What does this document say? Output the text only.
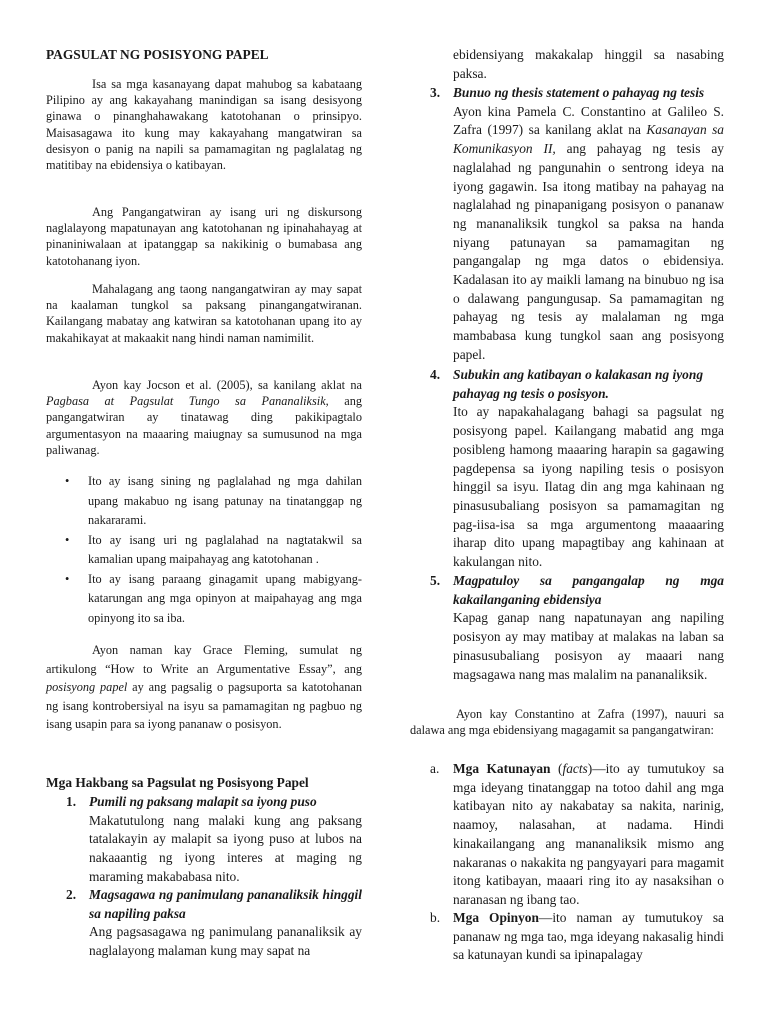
PAGSULAT NG POSISYONG PAPEL

Isa sa mga kasanayang dapat mahubog sa kabataang Pilipino ay ang kakayahang manindigan sa isang desisyong ginawa o pinanghahawakang katotohanan o prinsipyo. Maisasagawa ito kung may kakayahang mangatwiran sa desisyon o panig na napili sa pamamagitan ng paglalatag ng matitibay na ebidensiya o katibayan.

Ang Pangangatwiran ay isang uri ng diskursong naglalayong mapatunayan ang katotohanan ng ipinahahayag at pinaniniwalaan at ipatanggap sa nakikinig o bumabasa ang katotohanang iyon.

Mahalagang ang taong nangangatwiran ay may sapat na kaalaman tungkol sa paksang pinangangatwiranan. Kailangang mabatay ang katwiran sa katotohanan upang ito ay makahikayat at makaakit nang hindi naman namimilit.

Ayon kay Jocson et al. (2005), sa kanilang aklat na Pagbasa at Pagsulat Tungo sa Pananaliksik, ang pangangatwiran ay tinatawag ding pakikipagtalo argumentasyon na maaaring maiugnay sa sumusunod na mga paliwanag.

• Ito ay isang sining ng paglalahad ng mga dahilan upang makabuo ng isang patunay na tinatanggap ng nakararami.

• Ito ay isang uri ng paglalahad na nagtatakwil sa kamalian upang maipahayag ang katotohanan .

• Ito ay isang paraang ginagamit upang mabigyang-katarungan ang mga opinyon at maipahayag ang mga opinyong ito sa iba.

Ayon naman kay Grace Fleming, sumulat ng artikulong “How to Write an Argumentative Essay”, ang posisyong papel ay ang pagsalig o pagsuporta sa katotohanan ng isang kontrobersiyal na isyu sa pamamagitan ng pagbuo ng isang usapin para sa iyong pananaw o posisyon.

Mga Hakbang sa Pagsulat ng Posisyong Papel
1. Pumili ng paksang malapit sa iyong puso

Makatutulong nang malaki kung ang paksang tatalakayin ay malapit sa iyong puso at lubos na nakaaantig ng iyong interes at maging ng maraming makababasa nito.

2. Magsagawa ng panimulang pananaliksik hinggil sa napiling paksa

Ang pagsasagawa ng panimulang pananaliksik ay naglalayong malaman kung may sapat na

ebidensiyang makakalap hinggil sa nasabing paksa.

3. Bunuo ng thesis statement o pahayag ng tesis

Ayon kina Pamela C. Constantino at Galileo S. Zafra (1997) sa kanilang aklat na Kasanayan sa Komunikasyon II, ang pahayag ng tesis ay naglalahad ng pangunahin o sentrong ideya na iyong gagawin. Isa itong matibay na pahayag na naglalahad ng pinapanigang posisyon o pananaw ng mananaliksik tungkol sa paksa na handa niyang patunayan sa pamamagitan ng pangangalap ng mga datos o ebidensiya. Kadalasan ito ay maikli lamang na binubuo ng isa o dalawang pangungusap. Sa pamamagitan ng pahayag ng tesis ay malalaman ng mga mambabasa kung tungkol saan ang posisyong papel.

4. Subukin ang katibayan o kalakasan ng iyong pahayag ng tesis o posisyon.

Ito ay napakahalagang bahagi sa pagsulat ng posisyong papel. Kailangang mabatid ang mga posibleng hamong maaaring harapin sa gagawing pagdepensa sa iyong napiling tesis o posisyon hinggil sa isyu. Ilatag din ang mga kahinaan ng pinasusubaliang posisyon sa pamamagitan ng pag-iisa-isa sa mga argumentong maaaaring iharap dito upang mapagtibay ang kahinaan at kakulangan nito.

5. Magpatuloy sa pangangalap ng mga kakailanganing ebidensiya

Kapag ganap nang napatunayan ang napiling posisyon ay may matibay at malakas na laban sa pinasusubaliang posisyon ay maaari nang magsagawa nang mas malalim na pananaliksik.

Ayon kay Constantino at Zafra (1997), nauuri sa dalawa ang mga ebidensiyang magagamit sa pangangatwiran:

a. Mga Katunayan (facts)—ito ay tumutukoy sa mga ideyang tinatanggap na totoo dahil ang mga katibayan nito ay nakabatay sa nakita, narinig, naamoy, nalasahan, at nadama. Hindi kinakailangang ang mananaliksik mismo ang nakaranas o nakakita ng pangyayari para magamit itong katibayan, maaari ring ito ay nasaksihan o naranasan ng ibang tao.

b. Mga Opinyon—ito naman ay tumutukoy sa pananaw ng mga tao, mga ideyang nakasalig hindi sa katunayan kundi sa ipinapalagay
